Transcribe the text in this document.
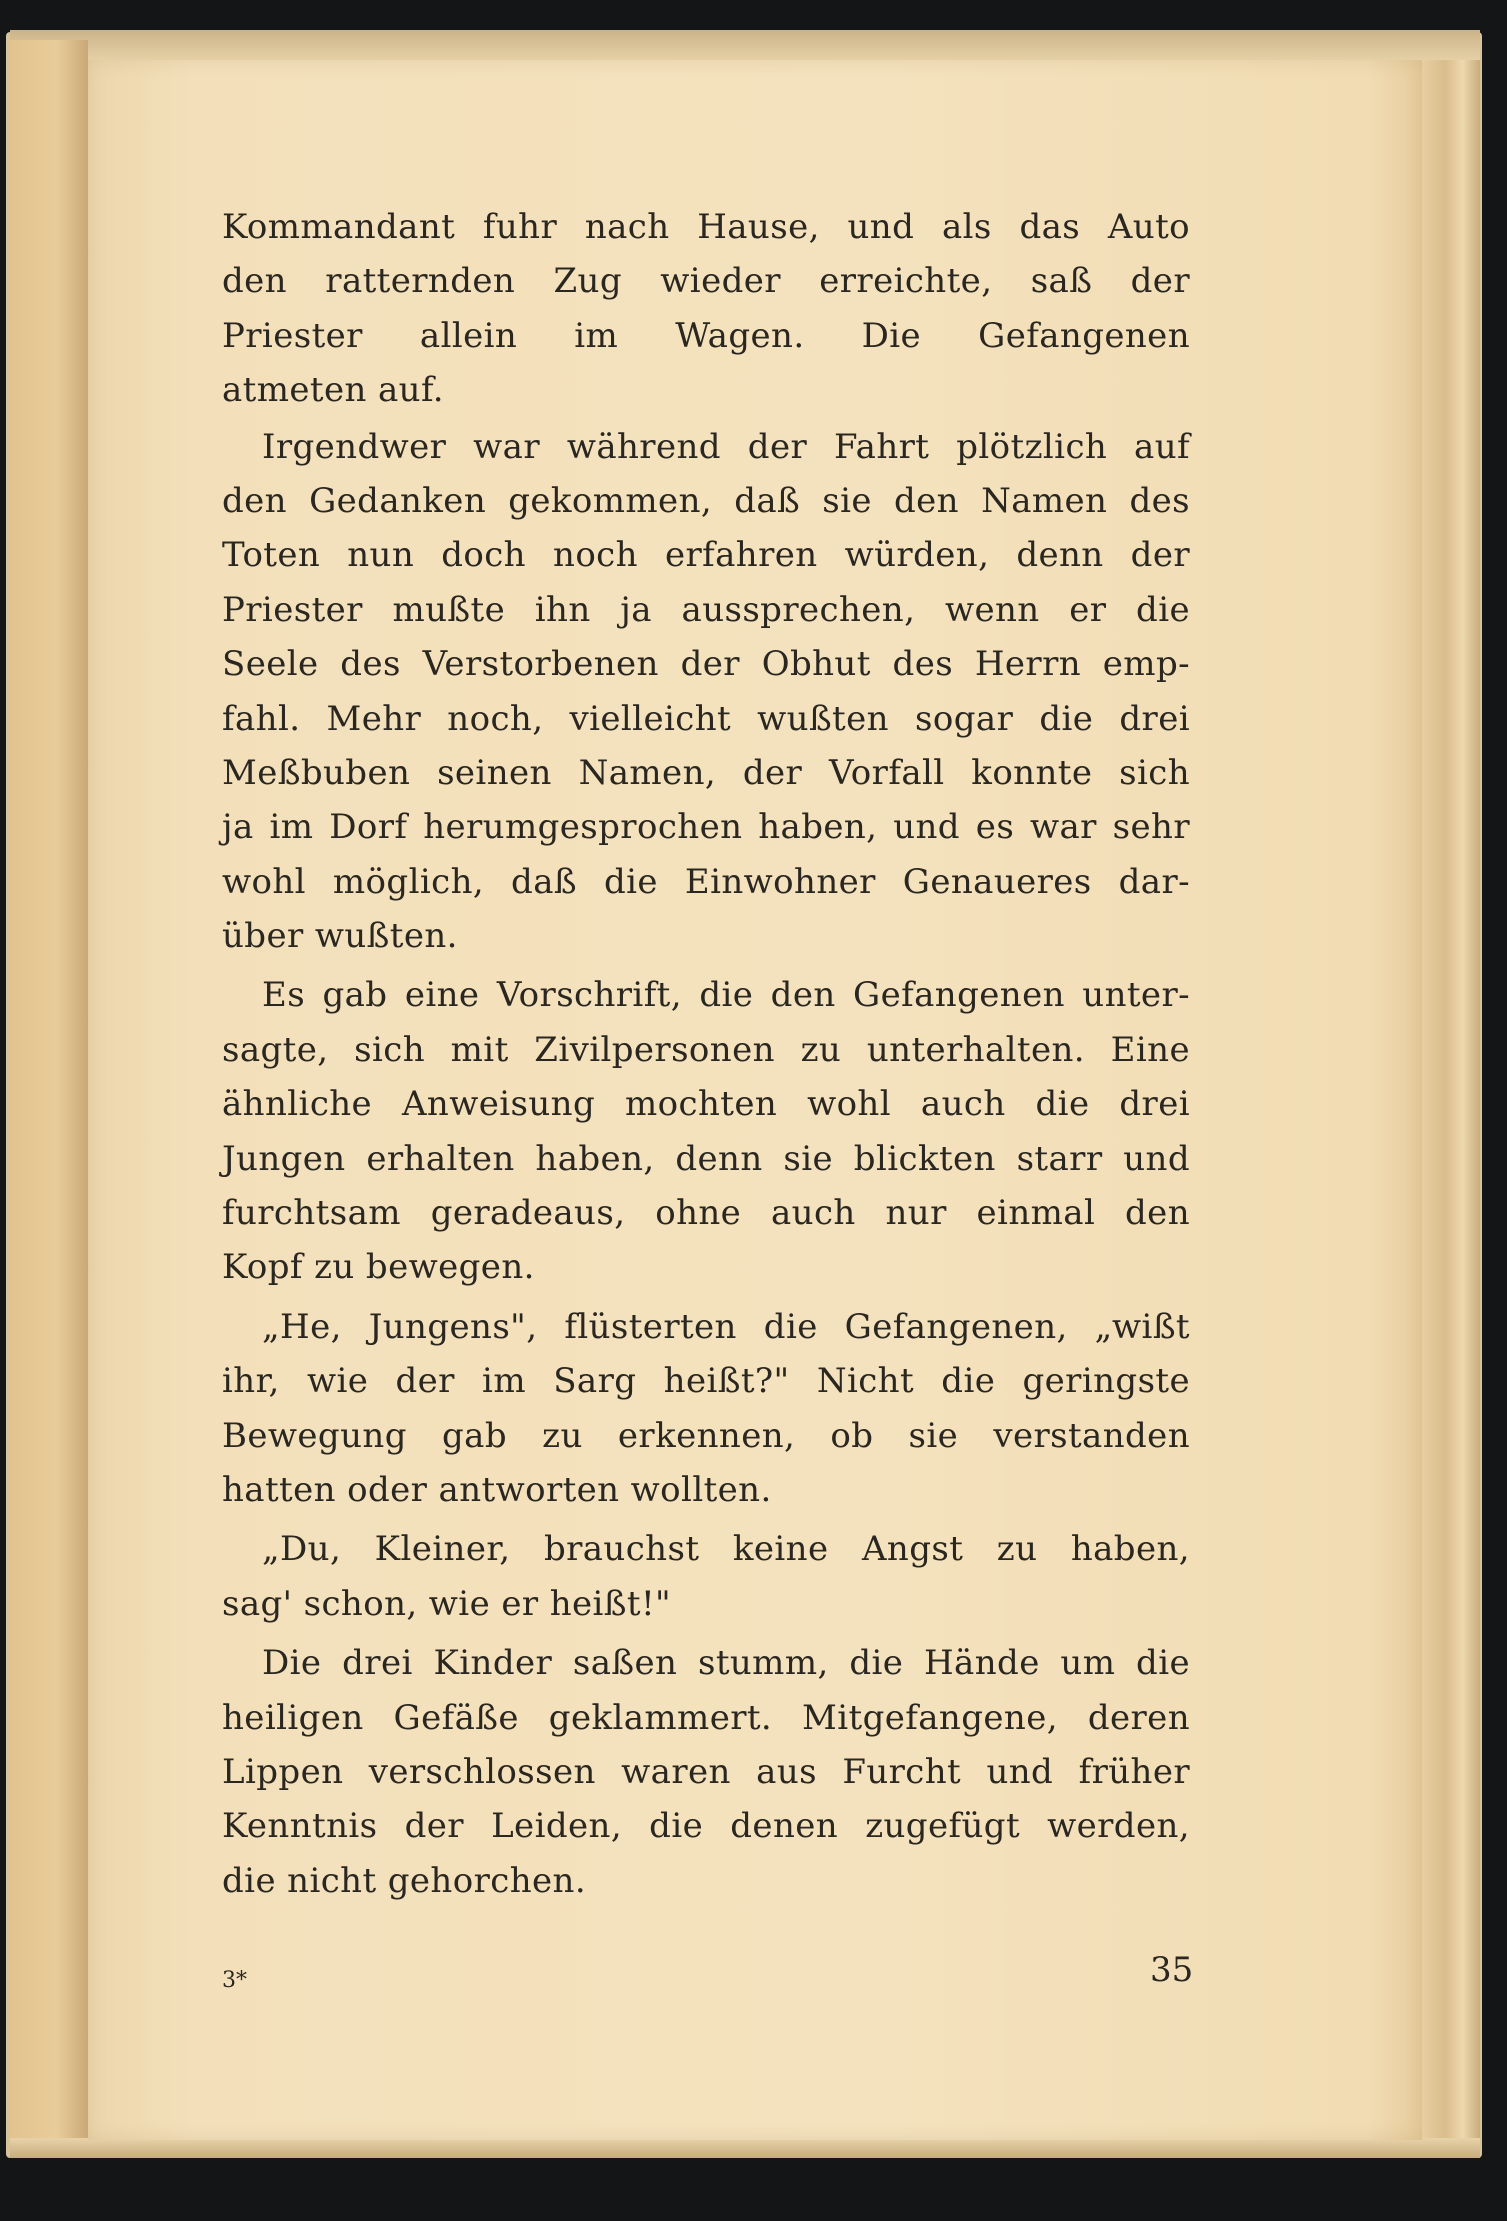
Kommandant fuhr nach Hause, und als das Auto
den ratternden Zug wieder erreichte, saß der
Priester allein im Wagen. Die Gefangenen
atmeten auf.
Irgendwer war während der Fahrt plötzlich auf
den Gedanken gekommen, daß sie den Namen des
Toten nun doch noch erfahren würden, denn der
Priester mußte ihn ja aussprechen, wenn er die
Seele des Verstorbenen der Obhut des Herrn emp-
fahl. Mehr noch, vielleicht wußten sogar die drei
Meßbuben seinen Namen, der Vorfall konnte sich
ja im Dorf herumgesprochen haben, und es war sehr
wohl möglich, daß die Einwohner Genaueres dar-
über wußten.
Es gab eine Vorschrift, die den Gefangenen unter-
sagte, sich mit Zivilpersonen zu unterhalten. Eine
ähnliche Anweisung mochten wohl auch die drei
Jungen erhalten haben, denn sie blickten starr und
furchtsam geradeaus, ohne auch nur einmal den
Kopf zu bewegen.
„He, Jungens", flüsterten die Gefangenen, „wißt
ihr, wie der im Sarg heißt?" Nicht die geringste
Bewegung gab zu erkennen, ob sie verstanden
hatten oder antworten wollten.
„Du, Kleiner, brauchst keine Angst zu haben,
sag' schon, wie er heißt!"
Die drei Kinder saßen stumm, die Hände um die
heiligen Gefäße geklammert. Mitgefangene, deren
Lippen verschlossen waren aus Furcht und früher
Kenntnis der Leiden, die denen zugefügt werden,
die nicht gehorchen.
3*	35
